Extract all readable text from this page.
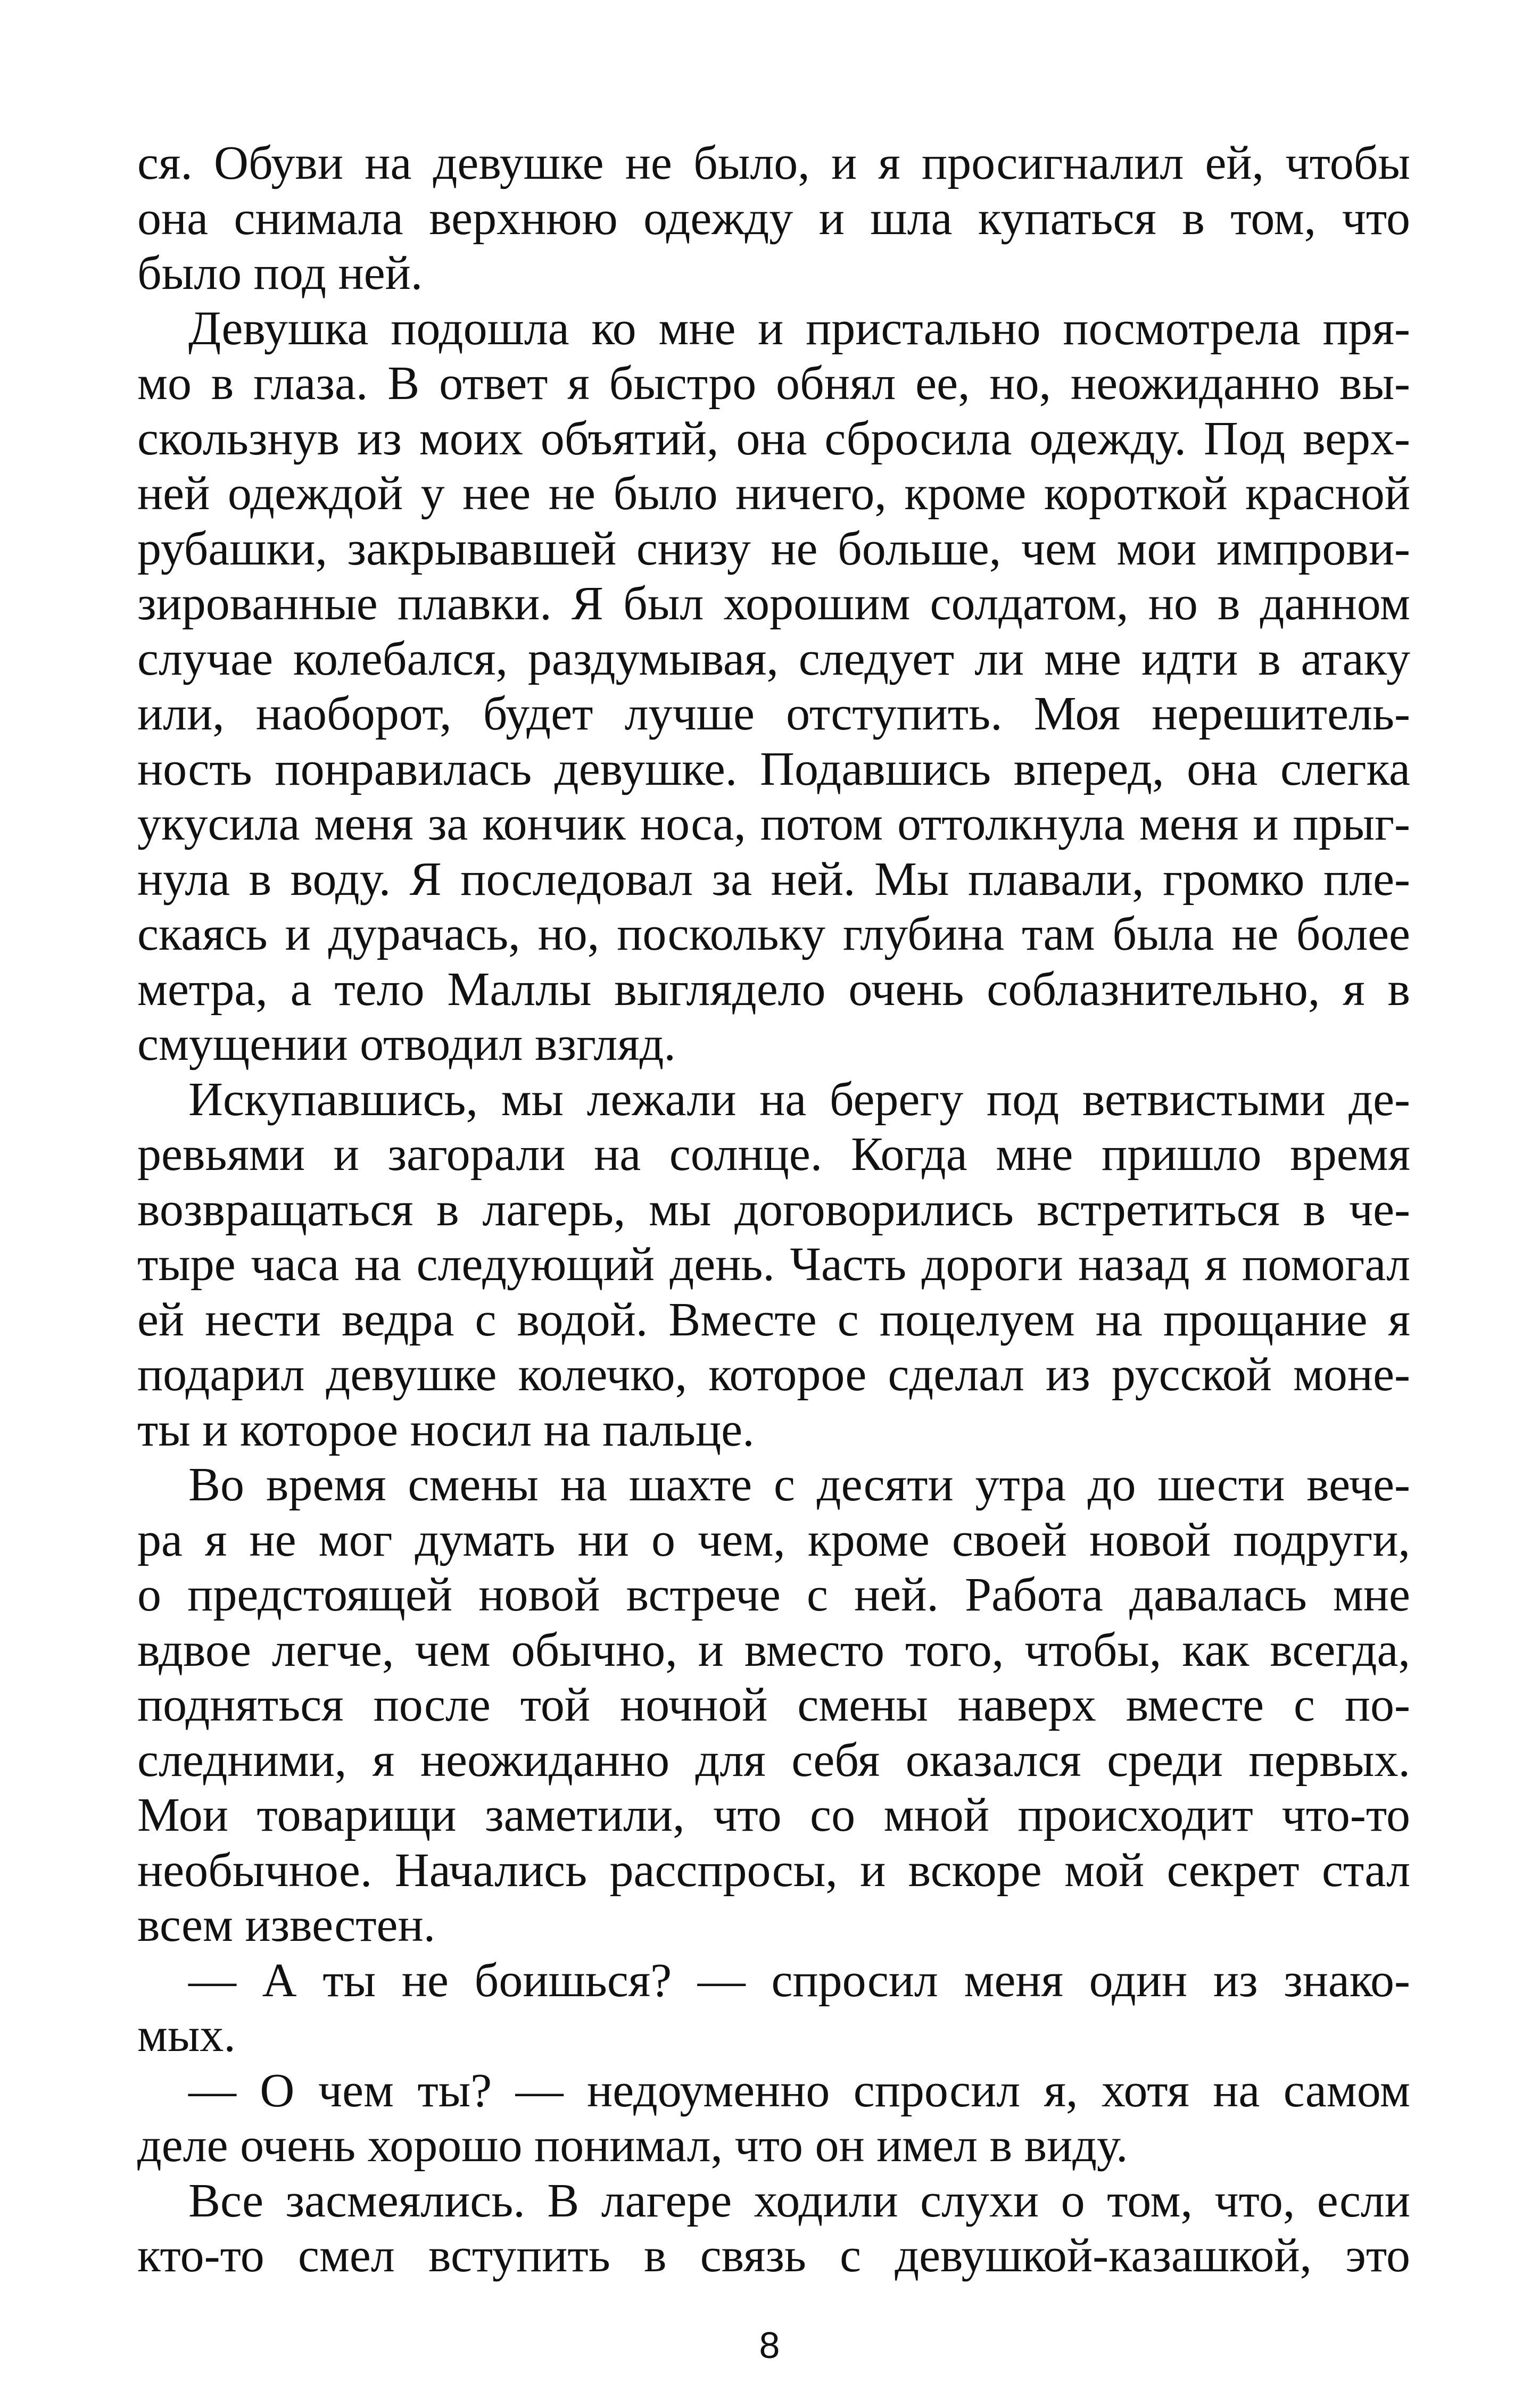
ся. Обуви на девушке не было, и я просигналил ей, чтобы
она снимала верхнюю одежду и шла купаться в том, что
было под ней.
Девушка подошла ко мне и пристально посмотрела пря-
мо в глаза. В ответ я быстро обнял ее, но, неожиданно вы-
скользнув из моих объятий, она сбросила одежду. Под верх-
ней одеждой у нее не было ничего, кроме короткой красной
рубашки, закрывавшей снизу не больше, чем мои импрови-
зированные плавки. Я был хорошим солдатом, но в данном
случае колебался, раздумывая, следует ли мне идти в атаку
или, наоборот, будет лучше отступить. Моя нерешитель-
ность понравилась девушке. Подавшись вперед, она слегка
укусила меня за кончик носа, потом оттолкнула меня и прыг-
нула в воду. Я последовал за ней. Мы плавали, громко пле-
скаясь и дурачась, но, поскольку глубина там была не более
метра, а тело Маллы выглядело очень соблазнительно, я в
смущении отводил взгляд.
Искупавшись, мы лежали на берегу под ветвистыми де-
ревьями и загорали на солнце. Когда мне пришло время
возвращаться в лагерь, мы договорились встретиться в че-
тыре часа на следующий день. Часть дороги назад я помогал
ей нести ведра с водой. Вместе с поцелуем на прощание я
подарил девушке колечко, которое сделал из русской моне-
ты и которое носил на пальце.
Во время смены на шахте с десяти утра до шести вече-
ра я не мог думать ни о чем, кроме своей новой подруги,
о предстоящей новой встрече с ней. Работа давалась мне
вдвое легче, чем обычно, и вместо того, чтобы, как всегда,
подняться после той ночной смены наверх вместе с по-
следними, я неожиданно для себя оказался среди первых.
Мои товарищи заметили, что со мной происходит что-то
необычное. Начались расспросы, и вскоре мой секрет стал
всем известен.
— А ты не боишься? — спросил меня один из знако-
мых.
— О чем ты? — недоуменно спросил я, хотя на самом
деле очень хорошо понимал, что он имел в виду.
Все засмеялись. В лагере ходили слухи о том, что, если
кто-то смел вступить в связь с девушкой-казашкой, это
8
